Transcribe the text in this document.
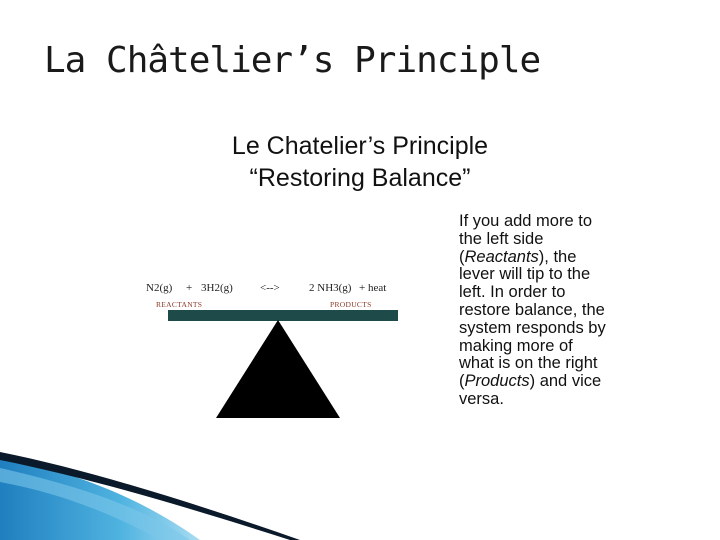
La Châtelier’s Principle
Le Chatelier’s Principle
“Restoring Balance”
N2(g) + 3H2(g) <-->	2 NH3(g) + heat
REACTANTS	PRODUCTS
If you add more to the left side (Reactants), the lever will tip to the left. In order to restore balance, the system responds by making more of what is on the right (Products) and vice versa.
